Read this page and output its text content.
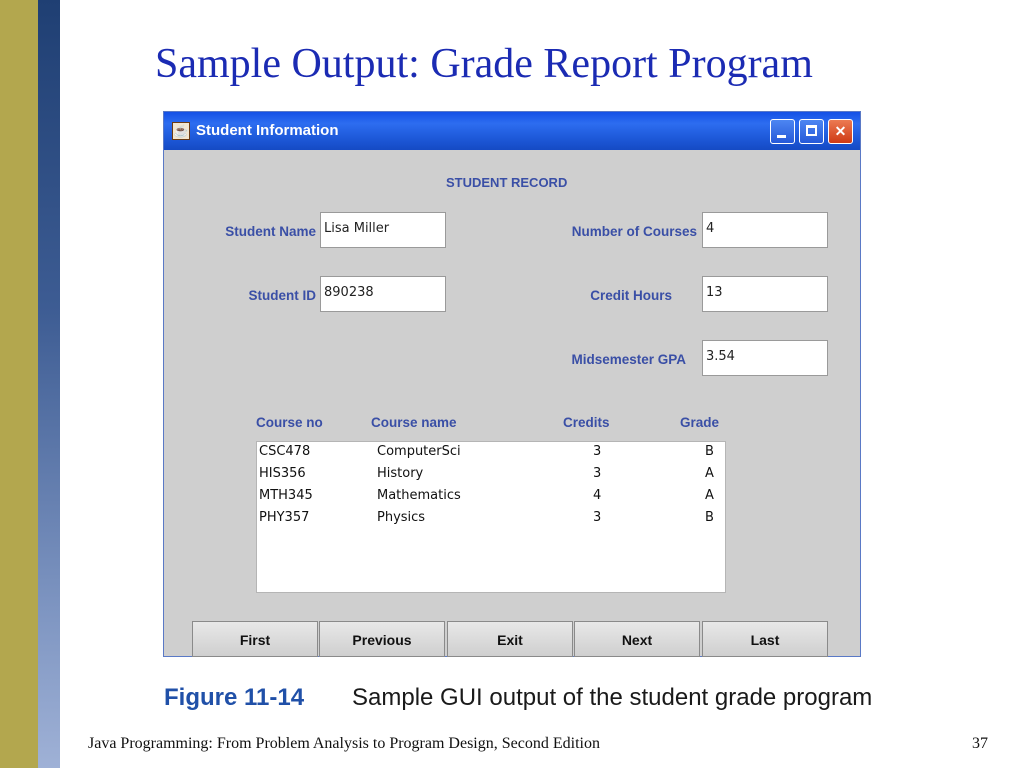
Sample Output: Grade Report Program
☕ Student Information	✕
STUDENT RECORD
Student Name Lisa Miller
Student ID 890238
Number of Courses 4
Credit Hours	13
Midsemester GPA	3.54
Course no	Course name	Credits	Grade
CSC478	ComputerSci	3	B
HIS356	History	3	A
MTH345	Mathematics	4	A
PHY357	Physics	3	B
First	Previous	Exit	Next	Last
Figure 11-14 Sample GUI output of the student grade program
Java Programming: From Problem Analysis to Program Design, Second Edition	37
